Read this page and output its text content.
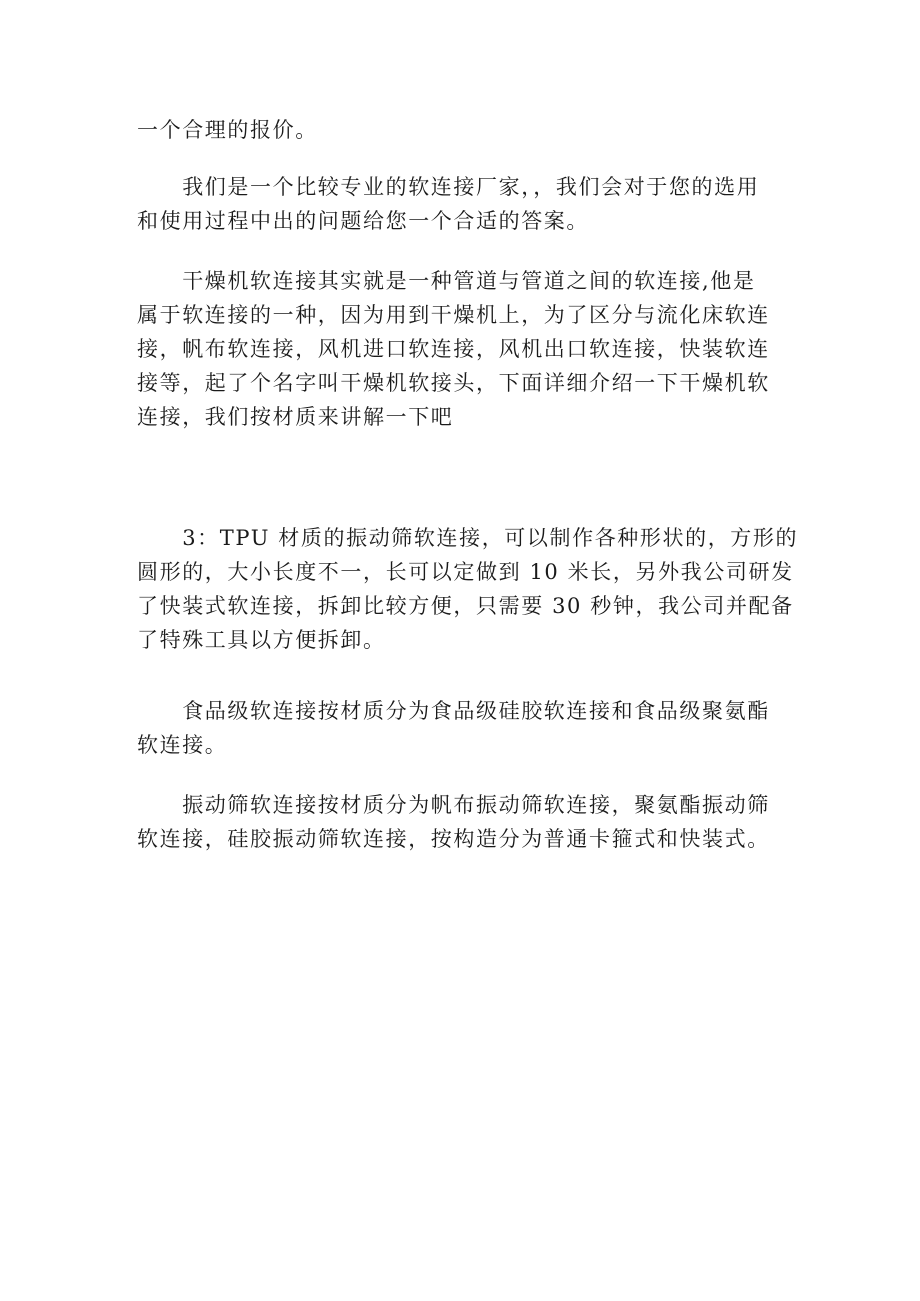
一个合理的报价。

　　我们是一个比较专业的软连接厂家，，我们会对于您的选用
和使用过程中出的问题给您一个合适的答案。

　　干燥机软连接其实就是一种管道与管道之间的软连接,他是
属于软连接的一种，因为用到干燥机上，为了区分与流化床软连
接，帆布软连接，风机进口软连接，风机出口软连接，快装软连
接等，起了个名字叫干燥机软接头，下面详细介绍一下干燥机软
连接，我们按材质来讲解一下吧

　　3：TPU 材质的振动筛软连接，可以制作各种形状的，方形的
圆形的，大小长度不一，长可以定做到 10 米长，另外我公司研发
了快装式软连接，拆卸比较方便，只需要 30 秒钟，我公司并配备
了特殊工具以方便拆卸。

　　食品级软连接按材质分为食品级硅胶软连接和食品级聚氨酯
软连接。

　　振动筛软连接按材质分为帆布振动筛软连接，聚氨酯振动筛
软连接，硅胶振动筛软连接，按构造分为普通卡箍式和快装式。
